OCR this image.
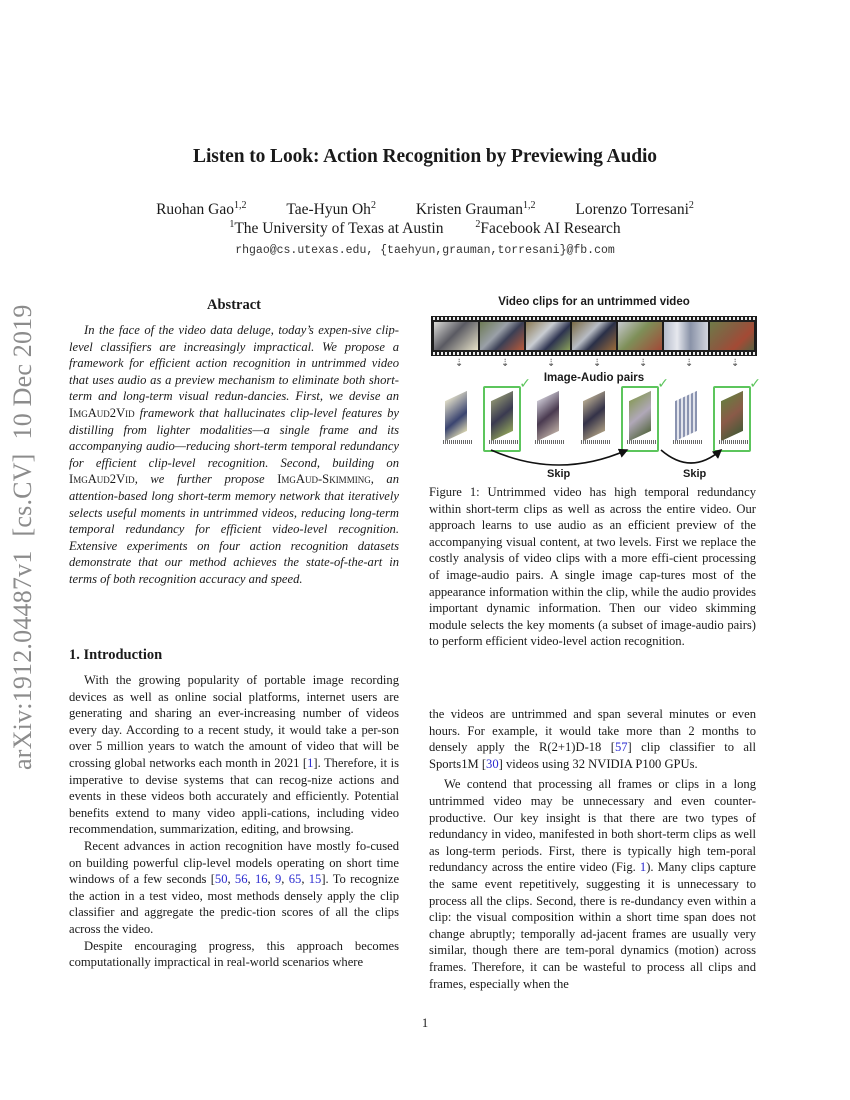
Listen to Look: Action Recognition by Previewing Audio
Ruohan Gao$^{1,2}$	Tae-Hyun Oh$^2$	Kristen Grauman$^{1,2}$	Lorenzo Torresani$^2$
$^1$The University of Texas at Austin	$^2$Facebook AI Research
rhgao@cs.utexas.edu, {taehyun,grauman,torresani}@fb.com
arXiv:1912.04487v1[cs.CV]10 Dec 2019	Abstract

In the face of the video data deluge, today’s expen-sive clip-level classifiers are increasingly impractical. We propose a framework for efficient action recognition in untrimmed video that uses audio as a preview mechanism to eliminate both short-term and long-term visual redun-dancies. First, we devise an ImgAud2Vid framework that hallucinates clip-level features by distilling from lighter modalities—a single frame and its accompanying audio—reducing short-term temporal redundancy for efficient clip-level recognition. Second, building on ImgAud2Vid, we further propose ImgAud-Skimming, an attention-based long short-term memory network that iteratively selects useful moments in untrimmed videos, reducing long-term temporal redundancy for efficient video-level recognition. Extensive experiments on four action recognition datasets demonstrate that our method achieves the state-of-the-art in terms of both recognition accuracy and speed.

1. Introduction

With the growing popularity of portable image recording devices as well as online social platforms, internet users are generating and sharing an ever-increasing number of videos every day. According to a recent study, it would take a per-son over 5 million years to watch the amount of video that will be crossing global networks each month in 2021 [1]. Therefore, it is imperative to devise systems that can recog-nize actions and events in these videos both accurately and efficiently. Potential benefits extend to many video appli-cations, including video recommendation, summarization, editing, and browsing.

Recent advances in action recognition have mostly fo-cused on building powerful clip-level models operating on short time windows of a few seconds [50, 56, 16, 9, 65, 15]. To recognize the action in a test video, most methods densely apply the clip classifier and aggregate the predic-tion scores of all the clips across the video.

Despite encouraging progress, this approach becomes computationally impractical in real-world scenarios where

Video clips for an untrimmed video
⇣	⇣	⇣	⇣	⇣	⇣	⇣
Image-Audio pairs
✓	✓	✓
Skip	Skip

Figure 1: Untrimmed video has high temporal redundancy within short-term clips as well as across the entire video. Our approach learns to use audio as an efficient preview of the accompanying visual content, at two levels. First we replace the costly analysis of video clips with a more effi-cient processing of image-audio pairs. A single image cap-tures most of the appearance information within the clip, while the audio provides important dynamic information. Then our video skimming module selects the key moments (a subset of image-audio pairs) to perform efficient video-level action recognition.

the videos are untrimmed and span several minutes or even hours. For example, it would take more than 2 months to densely apply the R(2+1)D-18 [57] clip classifier to all Sports1M [30] videos using 32 NVIDIA P100 GPUs.

We contend that processing all frames or clips in a long untrimmed video may be unnecessary and even counter-productive. Our key insight is that there are two types of redundancy in video, manifested in both short-term clips as well as long-term periods. First, there is typically high tem-poral redundancy across the entire video (Fig. 1). Many clips capture the same event repetitively, suggesting it is unnecessary to process all the clips. Second, there is re-dundancy even within a clip: the visual composition within a short time span does not change abruptly; temporally ad-jacent frames are usually very similar, though there are tem-poral dynamics (motion) across frames. Therefore, it can be wasteful to process all clips and frames, especially when the

1
